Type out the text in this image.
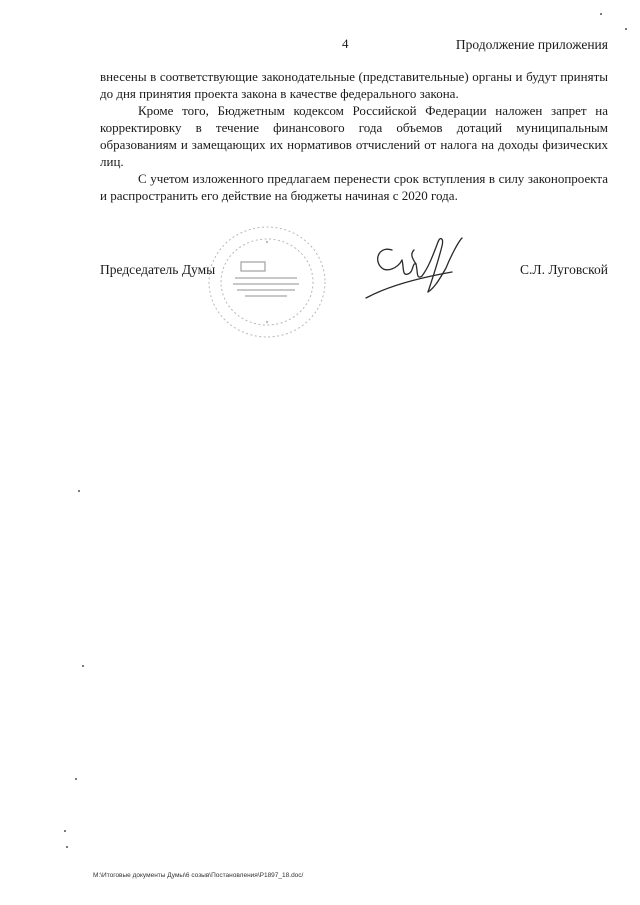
4	Продолжение приложения

внесены в соответствующие законодательные (представительные) органы и будут приняты до дня принятия проекта закона в качестве федерального закона.

Кроме того, Бюджетным кодексом Российской Федерации наложен запрет на корректировку в течение финансового года объемов дотаций муниципальным образованиям и замещающих их нормативов отчислений от налога на доходы физических лиц.

С учетом изложенного предлагаем перенести срок вступления в силу законопроекта и распространить его действие на бюджеты начиная с 2020 года.

Председатель Думы	С.Л. Луговской
M:\Итоговые документы Думы\6 созыв\Постановления\P1897_18.doc/
